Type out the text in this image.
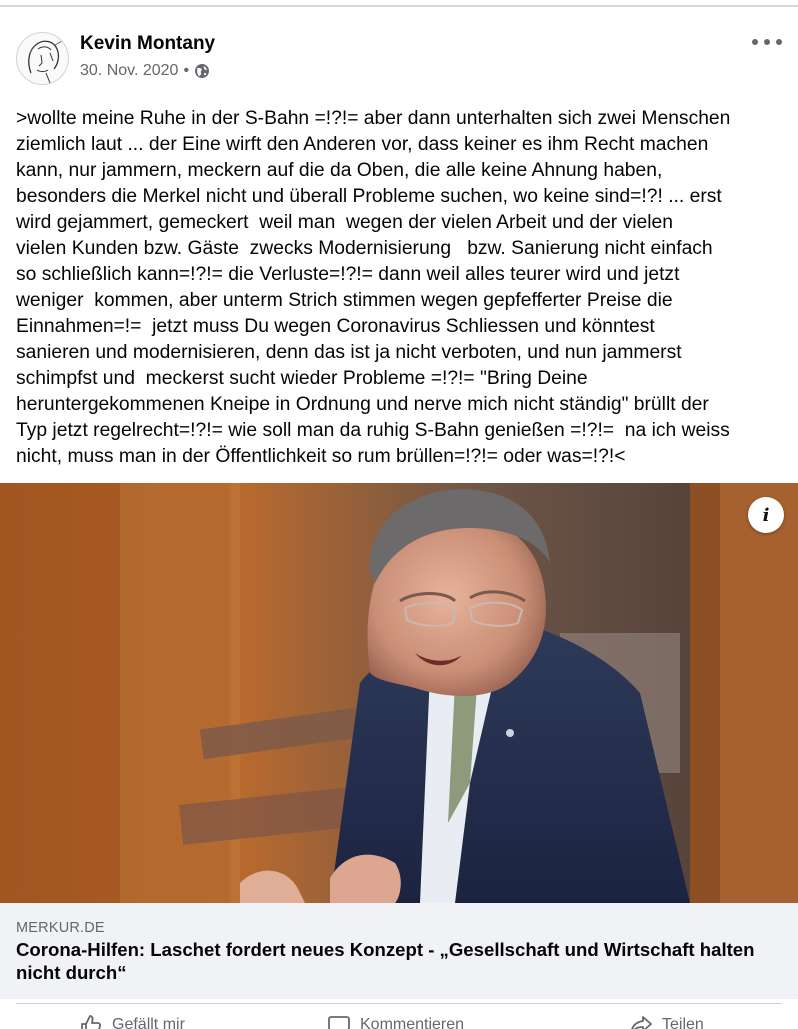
Kevin Montany
30. Nov. 2020 •
>wollte meine Ruhe in der S-Bahn =!?!= aber dann unterhalten sich zwei Menschen
ziemlich laut ... der Eine wirft den Anderen vor, dass keiner es ihm Recht machen
kann, nur jammern, meckern auf die da Oben, die alle keine Ahnung haben,
besonders die Merkel nicht und überall Probleme suchen, wo keine sind=!?! ... erst
wird gejammert, gemeckert  weil man  wegen der vielen Arbeit und der vielen
vielen Kunden bzw. Gäste  zwecks Modernisierung   bzw. Sanierung nicht einfach
so schließlich kann=!?!= die Verluste=!?!= dann weil alles teurer wird und jetzt
weniger  kommen, aber unterm Strich stimmen wegen gepfefferter Preise die
Einnahmen=!=  jetzt muss Du wegen Coronavirus Schliessen und könntest
sanieren und modernisieren, denn das ist ja nicht verboten, und nun jammerst
schimpfst und  meckerst sucht wieder Probleme =!?!= "Bring Deine
heruntergekommenen Kneipe in Ordnung und nerve mich nicht ständig" brüllt der
Typ jetzt regelrecht=!?!= wie soll man da ruhig S-Bahn genießen =!?!=  na ich weiss
nicht, muss man in der Öffentlichkeit so rum brüllen=!?!= oder was=!?!<
i
MERKUR.DE
Corona-Hilfen: Laschet fordert neues Konzept - „Gesellschaft und Wirtschaft halten nicht durch“
Gefällt mir	Kommentieren	Teilen
